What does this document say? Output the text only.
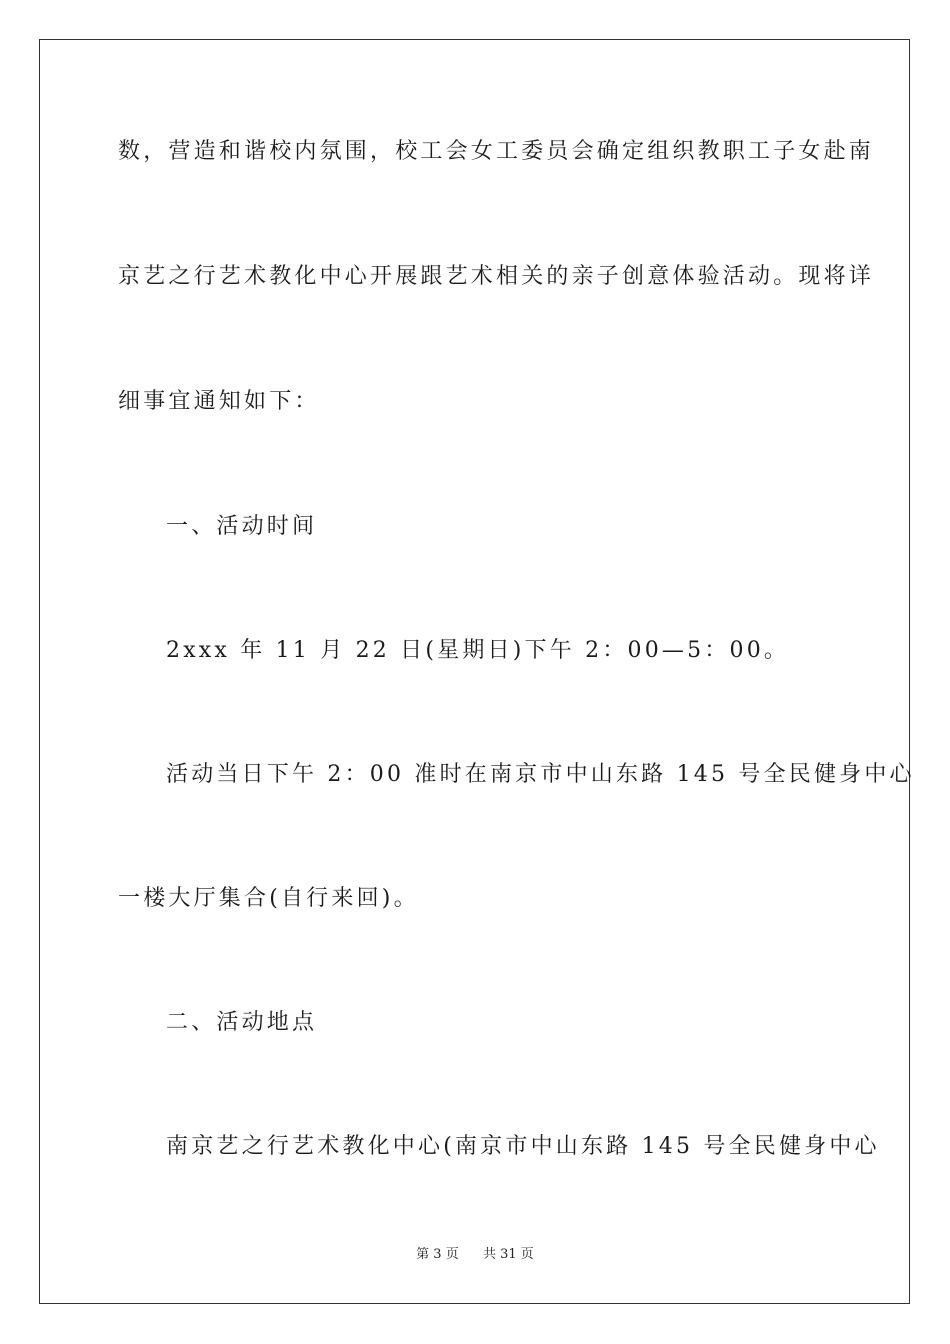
数，营造和谐校内氛围，校工会女工委员会确定组织教职工子女赴南
京艺之行艺术教化中心开展跟艺术相关的亲子创意体验活动。现将详
细事宜通知如下：
一、活动时间
2xxx 年 11 月 22 日(星期日)下午 2：00—5：00。
活动当日下午 2：00 准时在南京市中山东路 145 号全民健身中心
一楼大厅集合(自行来回)。
二、活动地点
南京艺之行艺术教化中心(南京市中山东路 145 号全民健身中心
第 3 页 共 31 页
